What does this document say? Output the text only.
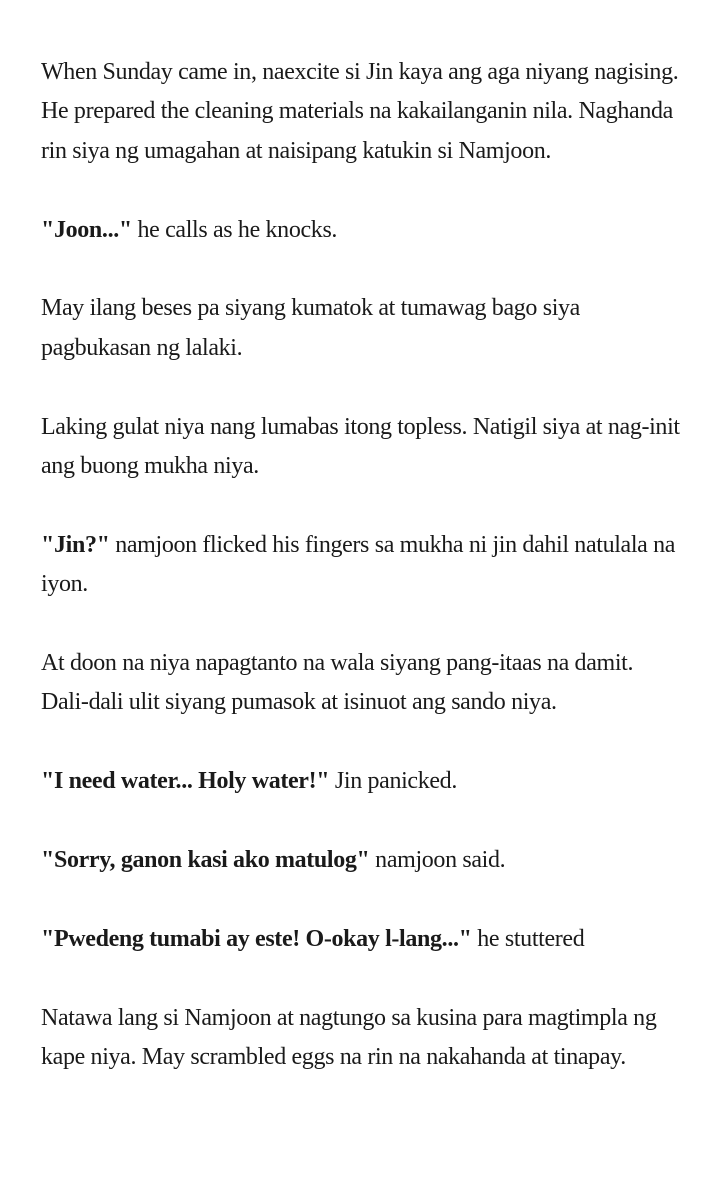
When Sunday came in, naexcite si Jin kaya ang aga niyang nagising. He prepared the cleaning materials na kakailanganin nila. Naghanda rin siya ng umagahan at naisipang katukin si Namjoon.

"Joon..." he calls as he knocks.

May ilang beses pa siyang kumatok at tumawag bago siya pagbukasan ng lalaki.

Laking gulat niya nang lumabas itong topless. Natigil siya at nag-init ang buong mukha niya.

"Jin?" namjoon flicked his fingers sa mukha ni jin dahil natulala na iyon.

At doon na niya napagtanto na wala siyang pang-itaas na damit. Dali-dali ulit siyang pumasok at isinuot ang sando niya.

"I need water... Holy water!" Jin panicked.

"Sorry, ganon kasi ako matulog" namjoon said.

"Pwedeng tumabi ay este! O-okay l-lang..." he stuttered

Natawa lang si Namjoon at nagtungo sa kusina para magtimpla ng kape niya. May scrambled eggs na rin na nakahanda at tinapay.
